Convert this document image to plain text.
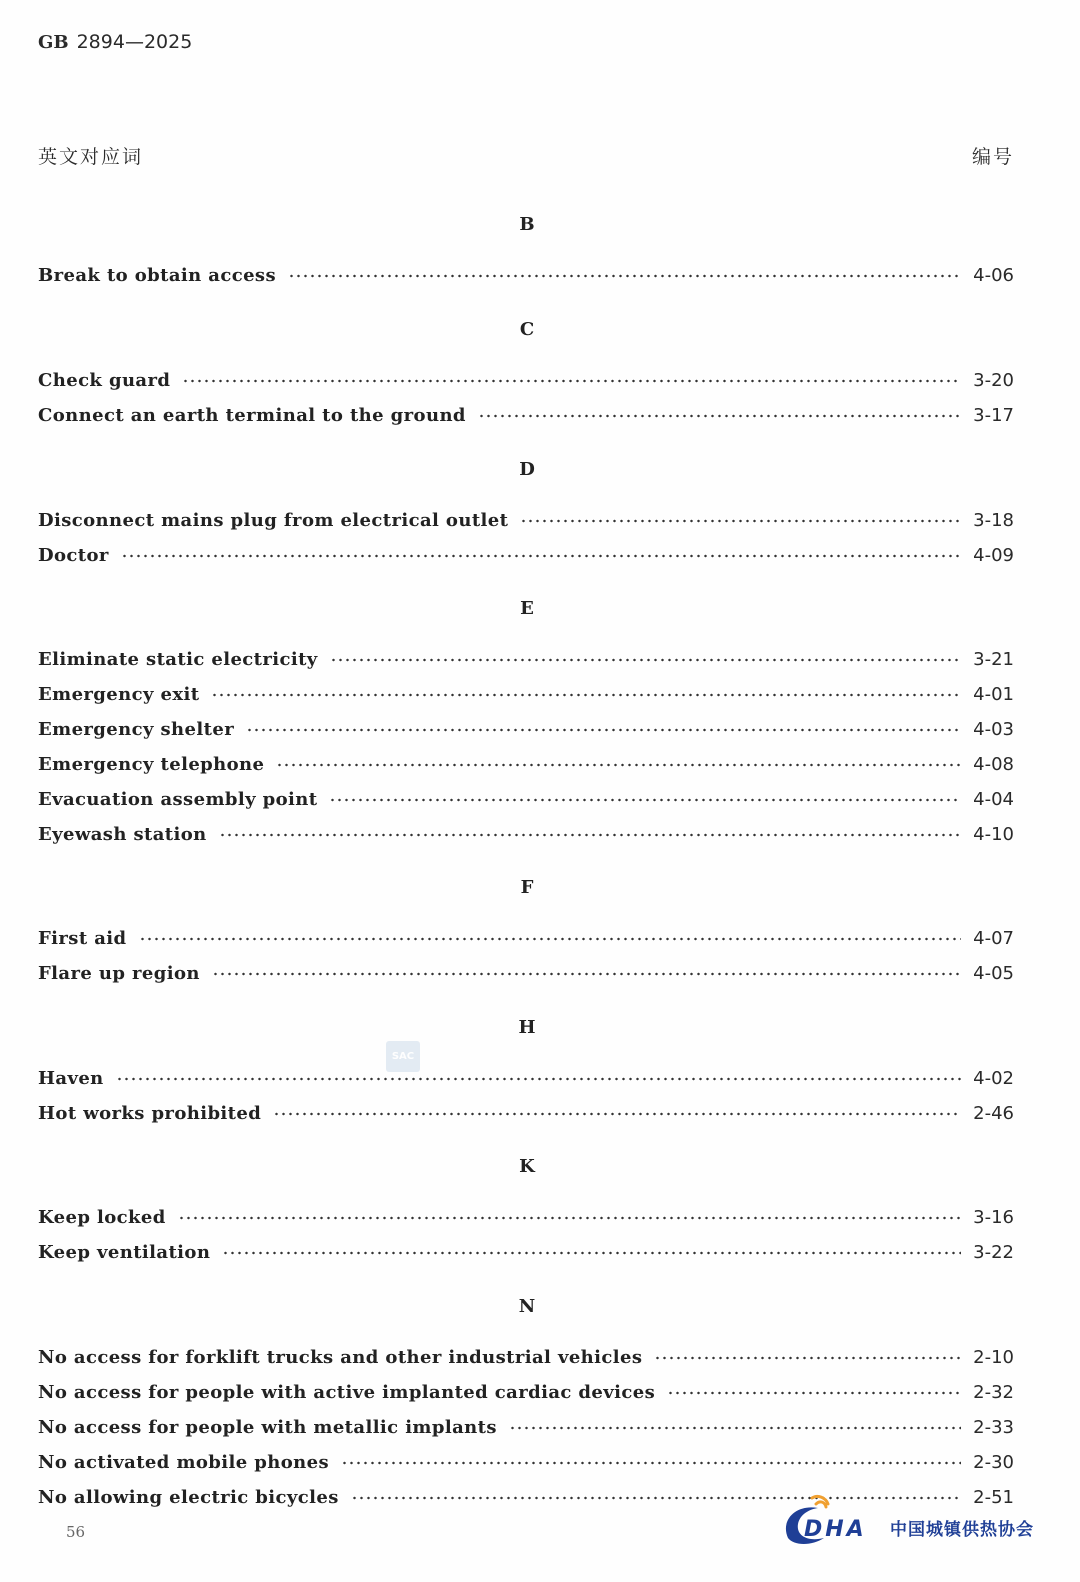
GB 2894—2025
英文对应词	编号
B
Break to obtain access	4-06
C
Check guard	3-20
Connect an earth terminal to the ground	3-17
D
Disconnect mains plug from electrical outlet	3-18
Doctor	4-09
E
Eliminate static electricity	3-21
Emergency exit	4-01
Emergency shelter	4-03
Emergency telephone	4-08
Evacuation assembly point	4-04
Eyewash station	4-10
F
First aid	4-07
Flare up region	4-05
H
Haven	4-02
Hot works prohibited	2-46
K
Keep locked	3-16
Keep ventilation	3-22
N
No access for forklift trucks and other industrial vehicles	2-10
No access for people with active implanted cardiac devices	2-32
No access for people with metallic implants	2-33
No activated mobile phones	2-30
No allowing electric bicycles	2-51
SAC
56	DHA 中国城镇供热协会
